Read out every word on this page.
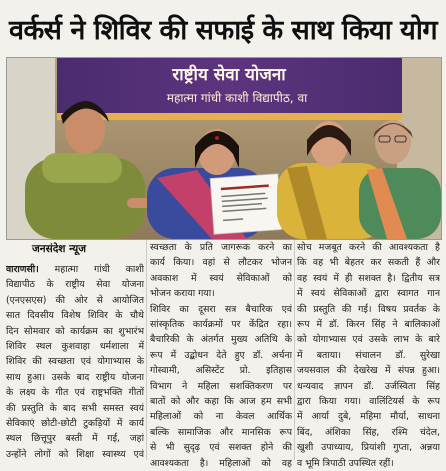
वर्कर्स ने शिविर की सफाई के साथ किया योग
राष्ट्रीय सेवा योजना
महात्मा गांधी काशी विद्यापीठ, वा
जनसंदेश न्यूज
वाराणसी। महात्मा गांधी काशी
विद्यापीठ के राष्ट्रीय सेवा योजना
(एनएसएस) की ओर से आयोजित
सात दिवसीय विशेष शिविर के चौथे
दिन सोमवार को कार्यक्रम का शुभारंभ
शिविर स्थल कुशवाहा धर्मशाला में
शिविर की स्वच्छता एवं योगाभ्यास के
साथ हुआ। उसके बाद राष्ट्रीय योजना
के लक्ष्य के गीत एवं राष्ट्रभक्ति गीतों
की प्रस्तुति के बाद सभी समस्त स्वयं
सेविकाएं छोटी-छोटी टुकड़ियों में कार्य
स्थल छित्तूपुर बस्ती में गई, जहां
उन्होंने लोगों को शिक्षा स्वास्थ्य एवं
स्वच्छता के प्रति जागरूक करने का
कार्य किया। वहां से लौटकर भोजन
अवकाश में स्वयं सेविकाओं को
भोजन कराया गया।
शिविर का दूसरा सत्र बैचारिक एवं
सांस्कृतिक कार्यक्रमों पर केंद्रित रहा।
बैचारिकी के अंतर्गत मुख्य अतिथि के
रूप में उद्बोधन देते हुए डॉ. अर्चना
गोस्वामी, असिस्टेंट प्रो. इतिहास
विभाग ने महिला सशक्तिकरण पर
बातों को और कहा कि आज हम सभी
महिलाओं को ना केवल आर्थिक
बल्कि सामाजिक और मानसिक रूप
से भी सुदृढ़ एवं सशक्त होने की
आवश्यकता है। महिलाओं को वह
सोच मजबूत करने की आवश्यकता है
कि वह भी बेहतर कर सकती हैं और
वह स्वयं में ही सशक्त है। द्वितीय सत्र
में स्वयं सेविकाओं द्वारा स्वागत गान
की प्रस्तुति की गई। विषय प्रवर्तक के
रूप में डॉ. किरन सिंह ने बालिकाओं
को योगाभ्यास एवं उसके लाभ के बारे
में बताया। संचालन डॉ. सुरेखा
जयसवाल की देखरेख में संपन्न हुआ।
धन्यवाद ज्ञापन डॉ. उर्जस्विता सिंह
द्वारा किया गया। वालिंटियर्स के रूप
में आर्या दुबे, महिमा मौर्या, साधना
बिंद, अंशिका सिंह, रश्मि चंदेल,
खुशी उपाध्याय, प्रियांशी गुप्ता, अन्नया
व भूमि त्रिपाठी उपस्थित रहीं।
